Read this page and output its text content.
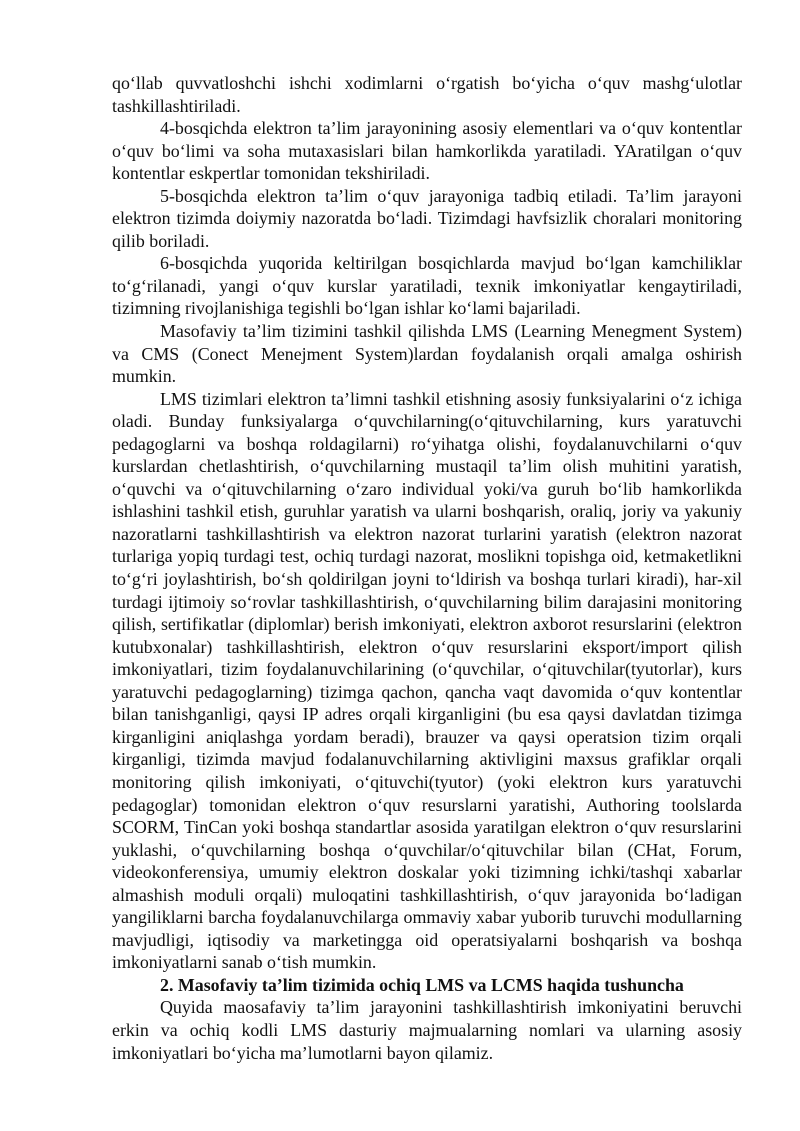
qo‘llab quvvatloshchi ishchi xodimlarni o‘rgatish bo‘yicha o‘quv mashg‘ulotlar tashkillashtiriladi.

4-bosqichda elektron ta’lim jarayonining asosiy elementlari va o‘quv kontentlar o‘quv bo‘limi va soha mutaxasislari bilan hamkorlikda yaratiladi. YAratilgan o‘quv kontentlar eskpertlar tomonidan tekshiriladi.

5-bosqichda elektron ta’lim o‘quv jarayoniga tadbiq etiladi. Ta’lim jarayoni elektron tizimda doiymiy nazoratda bo‘ladi. Tizimdagi havfsizlik choralari monitoring qilib boriladi.

6-bosqichda yuqorida keltirilgan bosqichlarda mavjud bo‘lgan kamchiliklar to‘g‘rilanadi, yangi o‘quv kurslar yaratiladi, texnik imkoniyatlar kengaytiriladi, tizimning rivojlanishiga tegishli bo‘lgan ishlar ko‘lami bajariladi.

Masofaviy ta’lim tizimini tashkil qilishda LMS (Learning Menegment System) va CMS (Conect Menejment System)lardan foydalanish orqali amalga oshirish mumkin.

LMS tizimlari elektron ta’limni tashkil etishning asosiy funksiyalarini o‘z ichiga oladi. Bunday funksiyalarga o‘quvchilarning(o‘qituvchilarning, kurs yaratuvchi pedagoglarni va boshqa roldagilarni) ro‘yihatga olishi, foydalanuvchilarni o‘quv kurslardan chetlashtirish, o‘quvchilarning mustaqil ta’lim olish muhitini yaratish, o‘quvchi va o‘qituvchilarning o‘zaro individual yoki/va guruh bo‘lib hamkorlikda ishlashini tashkil etish, guruhlar yaratish va ularni boshqarish, oraliq, joriy va yakuniy nazoratlarni tashkillashtirish va elektron nazorat turlarini yaratish (elektron nazorat turlariga yopiq turdagi test, ochiq turdagi nazorat, moslikni topishga oid, ketmaketlikni to‘g‘ri joylashtirish, bo‘sh qoldirilgan joyni to‘ldirish va boshqa turlari kiradi), har-xil turdagi ijtimoiy so‘rovlar tashkillashtirish, o‘quvchilarning bilim darajasini monitoring qilish, sertifikatlar (diplomlar) berish imkoniyati, elektron axborot resurslarini (elektron kutubxonalar) tashkillashtirish, elektron o‘quv resurslarini eksport/import qilish imkoniyatlari, tizim foydalanuvchilarining (o‘quvchilar, o‘qituvchilar(tyutorlar), kurs yaratuvchi pedagoglarning) tizimga qachon, qancha vaqt davomida o‘quv kontentlar bilan tanishganligi, qaysi IP adres orqali kirganligini (bu esa qaysi davlatdan tizimga kirganligini aniqlashga yordam beradi), brauzer va qaysi operatsion tizim orqali kirganligi, tizimda mavjud fodalanuvchilarning aktivligini maxsus grafiklar orqali monitoring qilish imkoniyati, o‘qituvchi(tyutor) (yoki elektron kurs yaratuvchi pedagoglar) tomonidan elektron o‘quv resurslarni yaratishi, Authoring toolslarda SCORM, TinCan yoki boshqa standartlar asosida yaratilgan elektron o‘quv resurslarini yuklashi, o‘quvchilarning boshqa o‘quvchilar/o‘qituvchilar bilan (CHat, Forum, videokonferensiya, umumiy elektron doskalar yoki tizimning ichki/tashqi xabarlar almashish moduli orqali) muloqatini tashkillashtirish, o‘quv jarayonida bo‘ladigan yangiliklarni barcha foydalanuvchilarga ommaviy xabar yuborib turuvchi modullarning mavjudligi, iqtisodiy va marketingga oid operatsiyalarni boshqarish va boshqa imkoniyatlarni sanab o‘tish mumkin.

2. Masofaviy ta’lim tizimida ochiq LMS va LCMS haqida tushuncha

Quyida maosafaviy ta’lim jarayonini tashkillashtirish imkoniyatini beruvchi erkin va ochiq kodli LMS dasturiy majmualarning nomlari va ularning asosiy imkoniyatlari bo‘yicha ma’lumotlarni bayon qilamiz.
